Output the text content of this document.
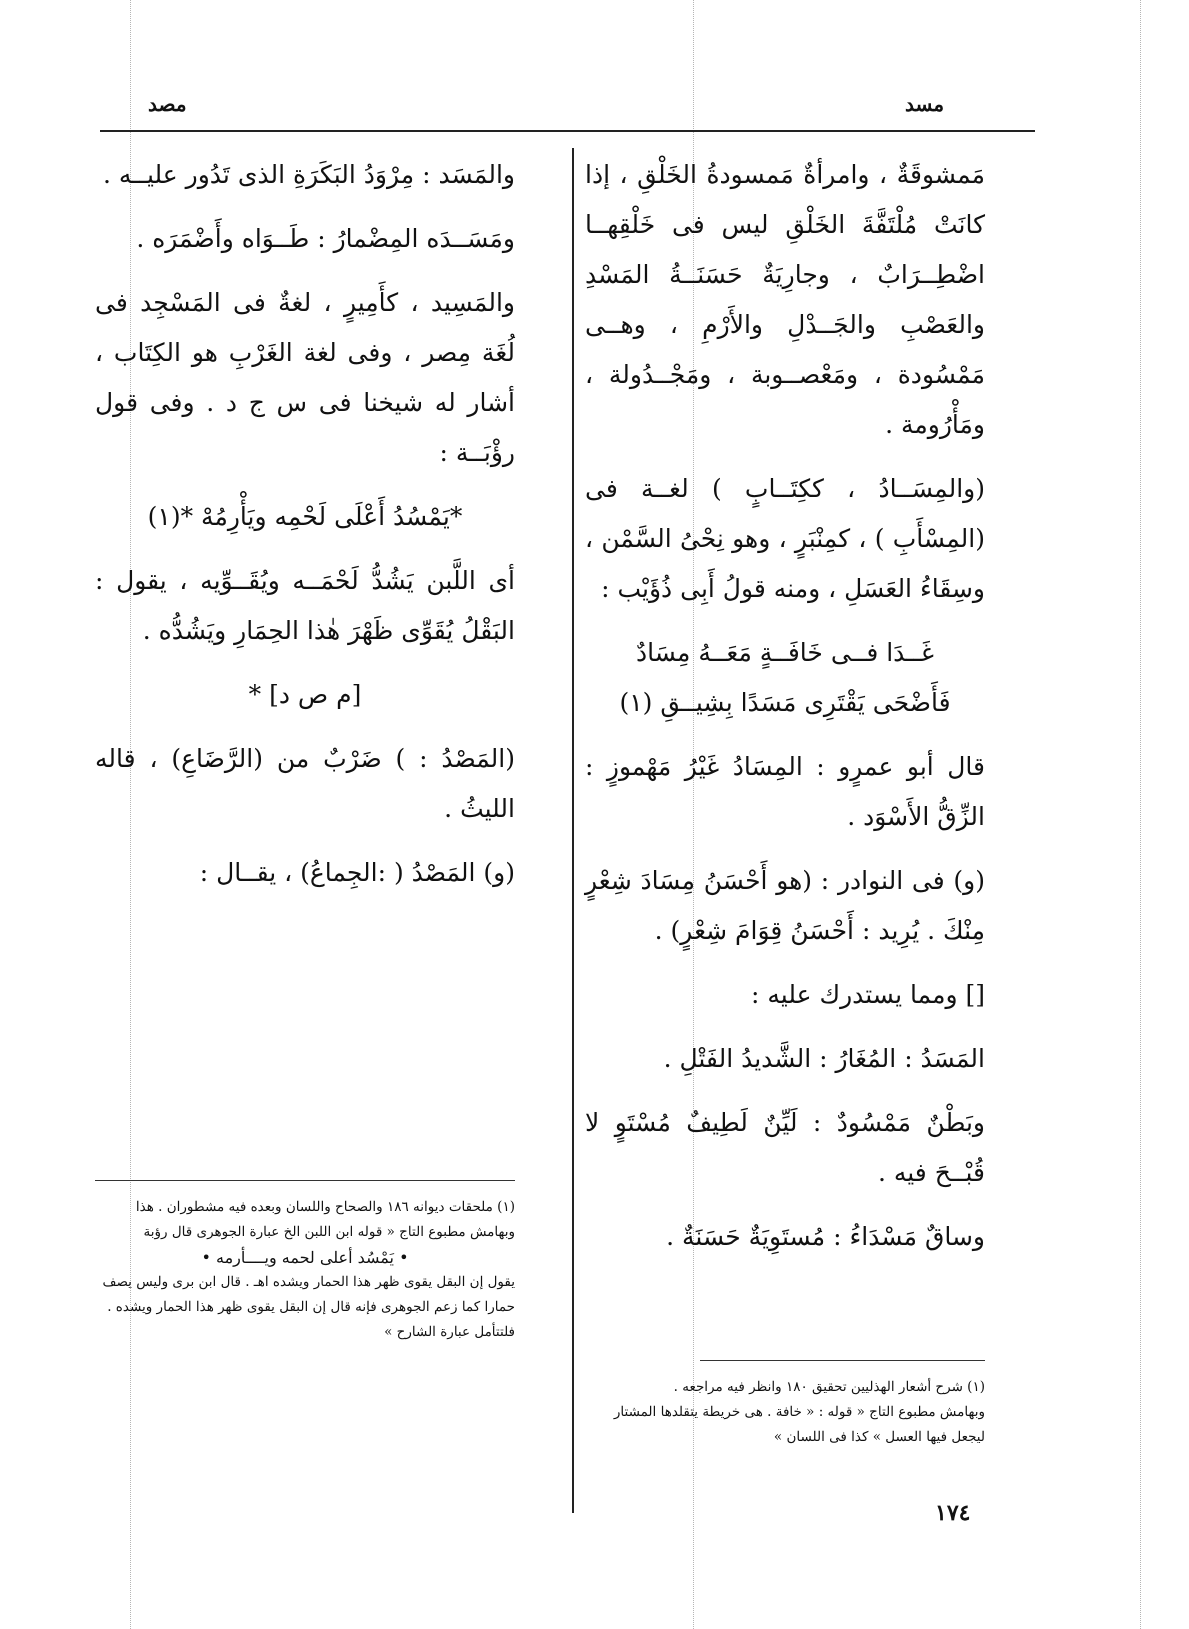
مسد
مصد

مَمشوقَةٌ ، وامرأةٌ مَمسودةُ الخَلْقِ ، إذا كانَتْ مُلْتَفَّةَ الخَلْقِ ليس فى خَلْقِهــا اضْطِــرَابٌ ، وجارِيَةٌ حَسَنَــةُ المَسْدِ والعَصْبِ والجَــدْلِ والأَرْمِ ، وهــى مَمْسُودة ، ومَعْصــوبة ، ومَجْــدُولة ، ومَأْرُومة .

(والمِسَــادُ ، ككِتَــابٍ ) لغــة فى (المِسْأَبِ ) ، كمِنْبَرٍ ، وهو نِحْىُ السَّمْن ، وسِقَاءُ العَسَلِ ، ومنه قولُ أَبِى ذُؤَيْب :

غَــدَا فــى خَافَــةٍ مَعَــهُ مِسَادٌ

فَأَضْحَى يَقْتَرِى مَسَدًا بِشِيــقِ (١)

قال أبو عمرٍو : المِسَادُ غَيْرُ مَهْموزٍ : الزِّقُّ الأَسْوَد .

(و) فى النوادر : (هو أَحْسَنُ مِسَادَ شِعْرٍ مِنْكَ . يُرِيد : أَحْسَنُ قِوَامَ شِعْرٍ) .

[] ومما يستدرك عليه :

المَسَدُ : المُغَارُ : الشَّديدُ الفَتْلِ .

وبَطْنٌ مَمْسُودٌ : لَيِّنٌ لَطِيفٌ مُسْتَوٍ لا قُبْــحَ فيه .

وساقٌ مَسْدَاءُ : مُستَوِيَةٌ حَسَنَةٌ .

والمَسَد : مِرْوَدُ البَكَرَةِ الذى تَدُور عليــه .

ومَسَــدَه المِضْمارُ : طَــوَاه وأَضْمَرَه .

والمَسِيد ، كأَمِيرٍ ، لغةٌ فى المَسْجِد فى لُغَة مِصر ، وفى لغة الغَرْبِ هو الكِتَاب ، أشار له شيخنا فى س ج د . وفى قول رؤْبَــة :

*يَمْسُدُ أَعْلَى لَحْمِه ويَأْرِمُهْ *(١)

أى اللَّبن يَشُدُّ لَحْمَــه ويُقَــوِّيه ، يقول : البَقْلُ يُقَوِّى ظَهْرَ هٰذا الحِمَارِ ويَشُدُّه .

[م ص د] *

(المَصْدُ : ) ضَرْبٌ من (الرَّضَاعِ) ، قاله الليثُ .

(و) المَصْدُ ( :الجِماعُ) ، يقــال :

(١) ملحقات ديوانه ١٨٦ والصحاح واللسان وبعده فيه مشطوران . هذا وبهامش مطبوع التاج « قوله ابن اللبن الخ عبارة الجوهرى قال رؤبة
• يَمْسُد أعلى لحمه ويــــأرمه •
يقول إن البقل يقوى ظهر هذا الحمار ويشده اهـ . قال ابن برى وليس يصف حمارا كما زعم الجوهرى فإنه قال إن البقل يقوى ظهر هذا الحمار ويشده . فلتتأمل عبارة الشارح »
(١) شرح أشعار الهذليين تحقيق ١٨٠ وانظر فيه مراجعه .
وبهامش مطبوع التاج « قوله : « خافة . هى خريطة يتقلدها المشتار ليجعل فيها العسل » كذا فى اللسان »
١٧٤
